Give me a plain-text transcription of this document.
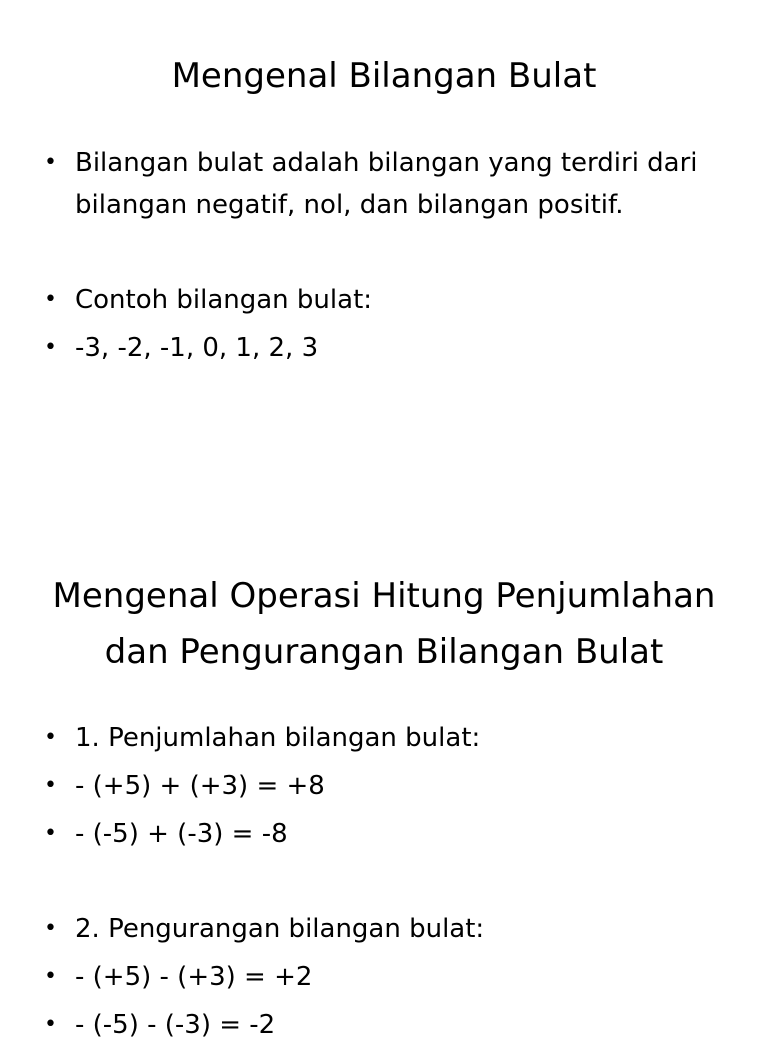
Mengenal Bilangan Bulat
• Bilangan bulat adalah bilangan yang terdiri dari bilangan negatif, nol, dan bilangan positif.
• Contoh bilangan bulat:
• -3, -2, -1, 0, 1, 2, 3
Mengenal Operasi Hitung Penjumlahan dan Pengurangan Bilangan Bulat
• 1. Penjumlahan bilangan bulat:
• - (+5) + (+3) = +8
• - (-5) + (-3) = -8
• 2. Pengurangan bilangan bulat:
• - (+5) - (+3) = +2
• - (-5) - (-3) = -2
